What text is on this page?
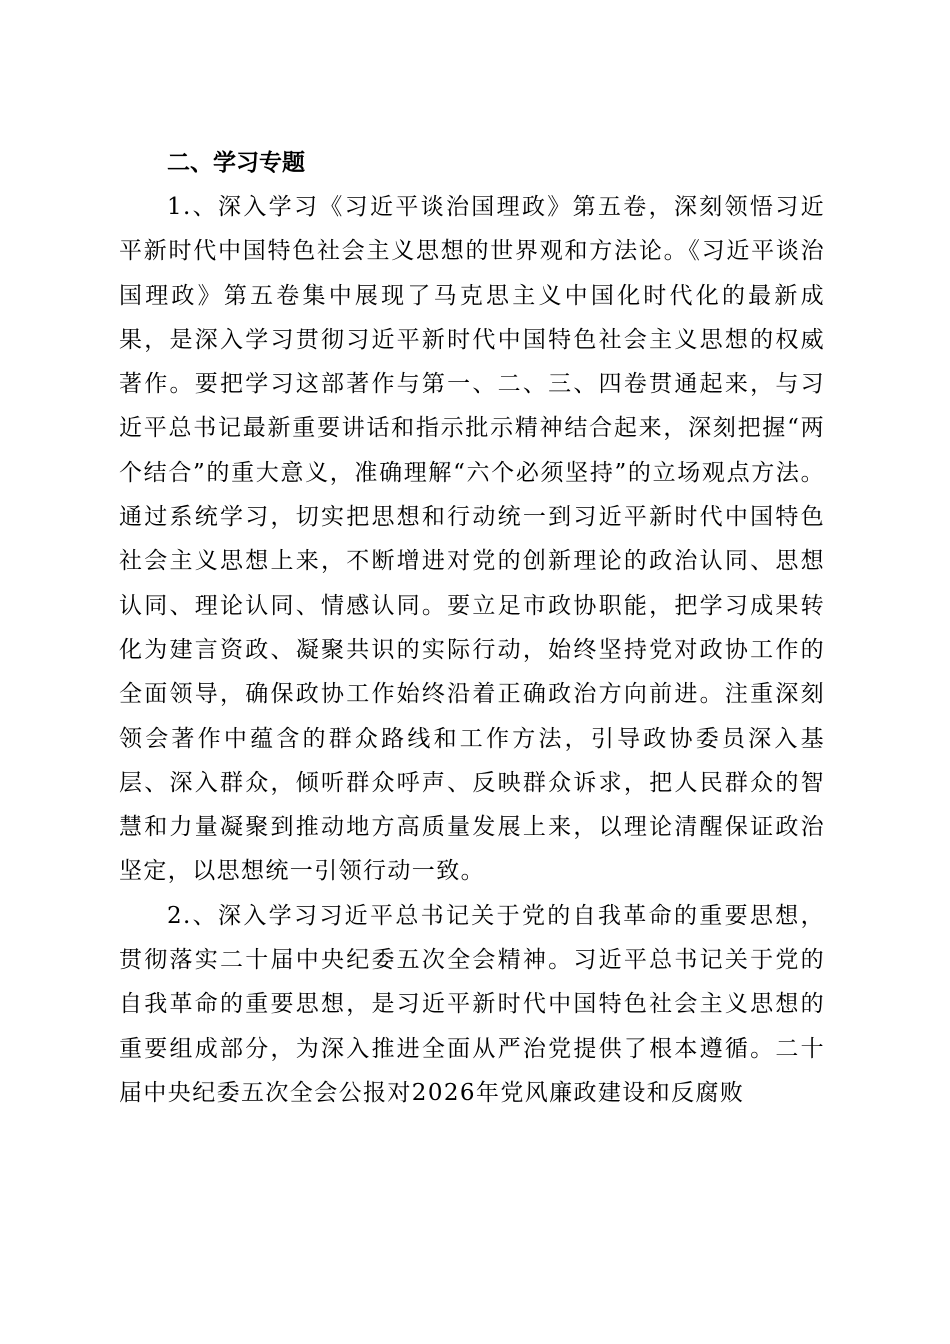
二、学习专题

1.、深入学习《习近平谈治国理政》第五卷，深刻领悟习近平新时代中国特色社会主义思想的世界观和方法论。《习近平谈治国理政》第五卷集中展现了马克思主义中国化时代化的最新成果，是深入学习贯彻习近平新时代中国特色社会主义思想的权威著作。要把学习这部著作与第一、二、三、四卷贯通起来，与习近平总书记最新重要讲话和指示批示精神结合起来，深刻把握“两个结合”的重大意义，准确理解“六个必须坚持”的立场观点方法。通过系统学习，切实把思想和行动统一到习近平新时代中国特色社会主义思想上来，不断增进对党的创新理论的政治认同、思想认同、理论认同、情感认同。要立足市政协职能，把学习成果转化为建言资政、凝聚共识的实际行动，始终坚持党对政协工作的全面领导，确保政协工作始终沿着正确政治方向前进。注重深刻领会著作中蕴含的群众路线和工作方法，引导政协委员深入基层、深入群众，倾听群众呼声、反映群众诉求，把人民群众的智慧和力量凝聚到推动地方高质量发展上来，以理论清醒保证政治坚定，以思想统一引领行动一致。

2.、深入学习习近平总书记关于党的自我革命的重要思想，贯彻落实二十届中央纪委五次全会精神。习近平总书记关于党的自我革命的重要思想，是习近平新时代中国特色社会主义思想的重要组成部分，为深入推进全面从严治党提供了根本遵循。二十届中央纪委五次全会公报对2026年党风廉政建设和反腐败
